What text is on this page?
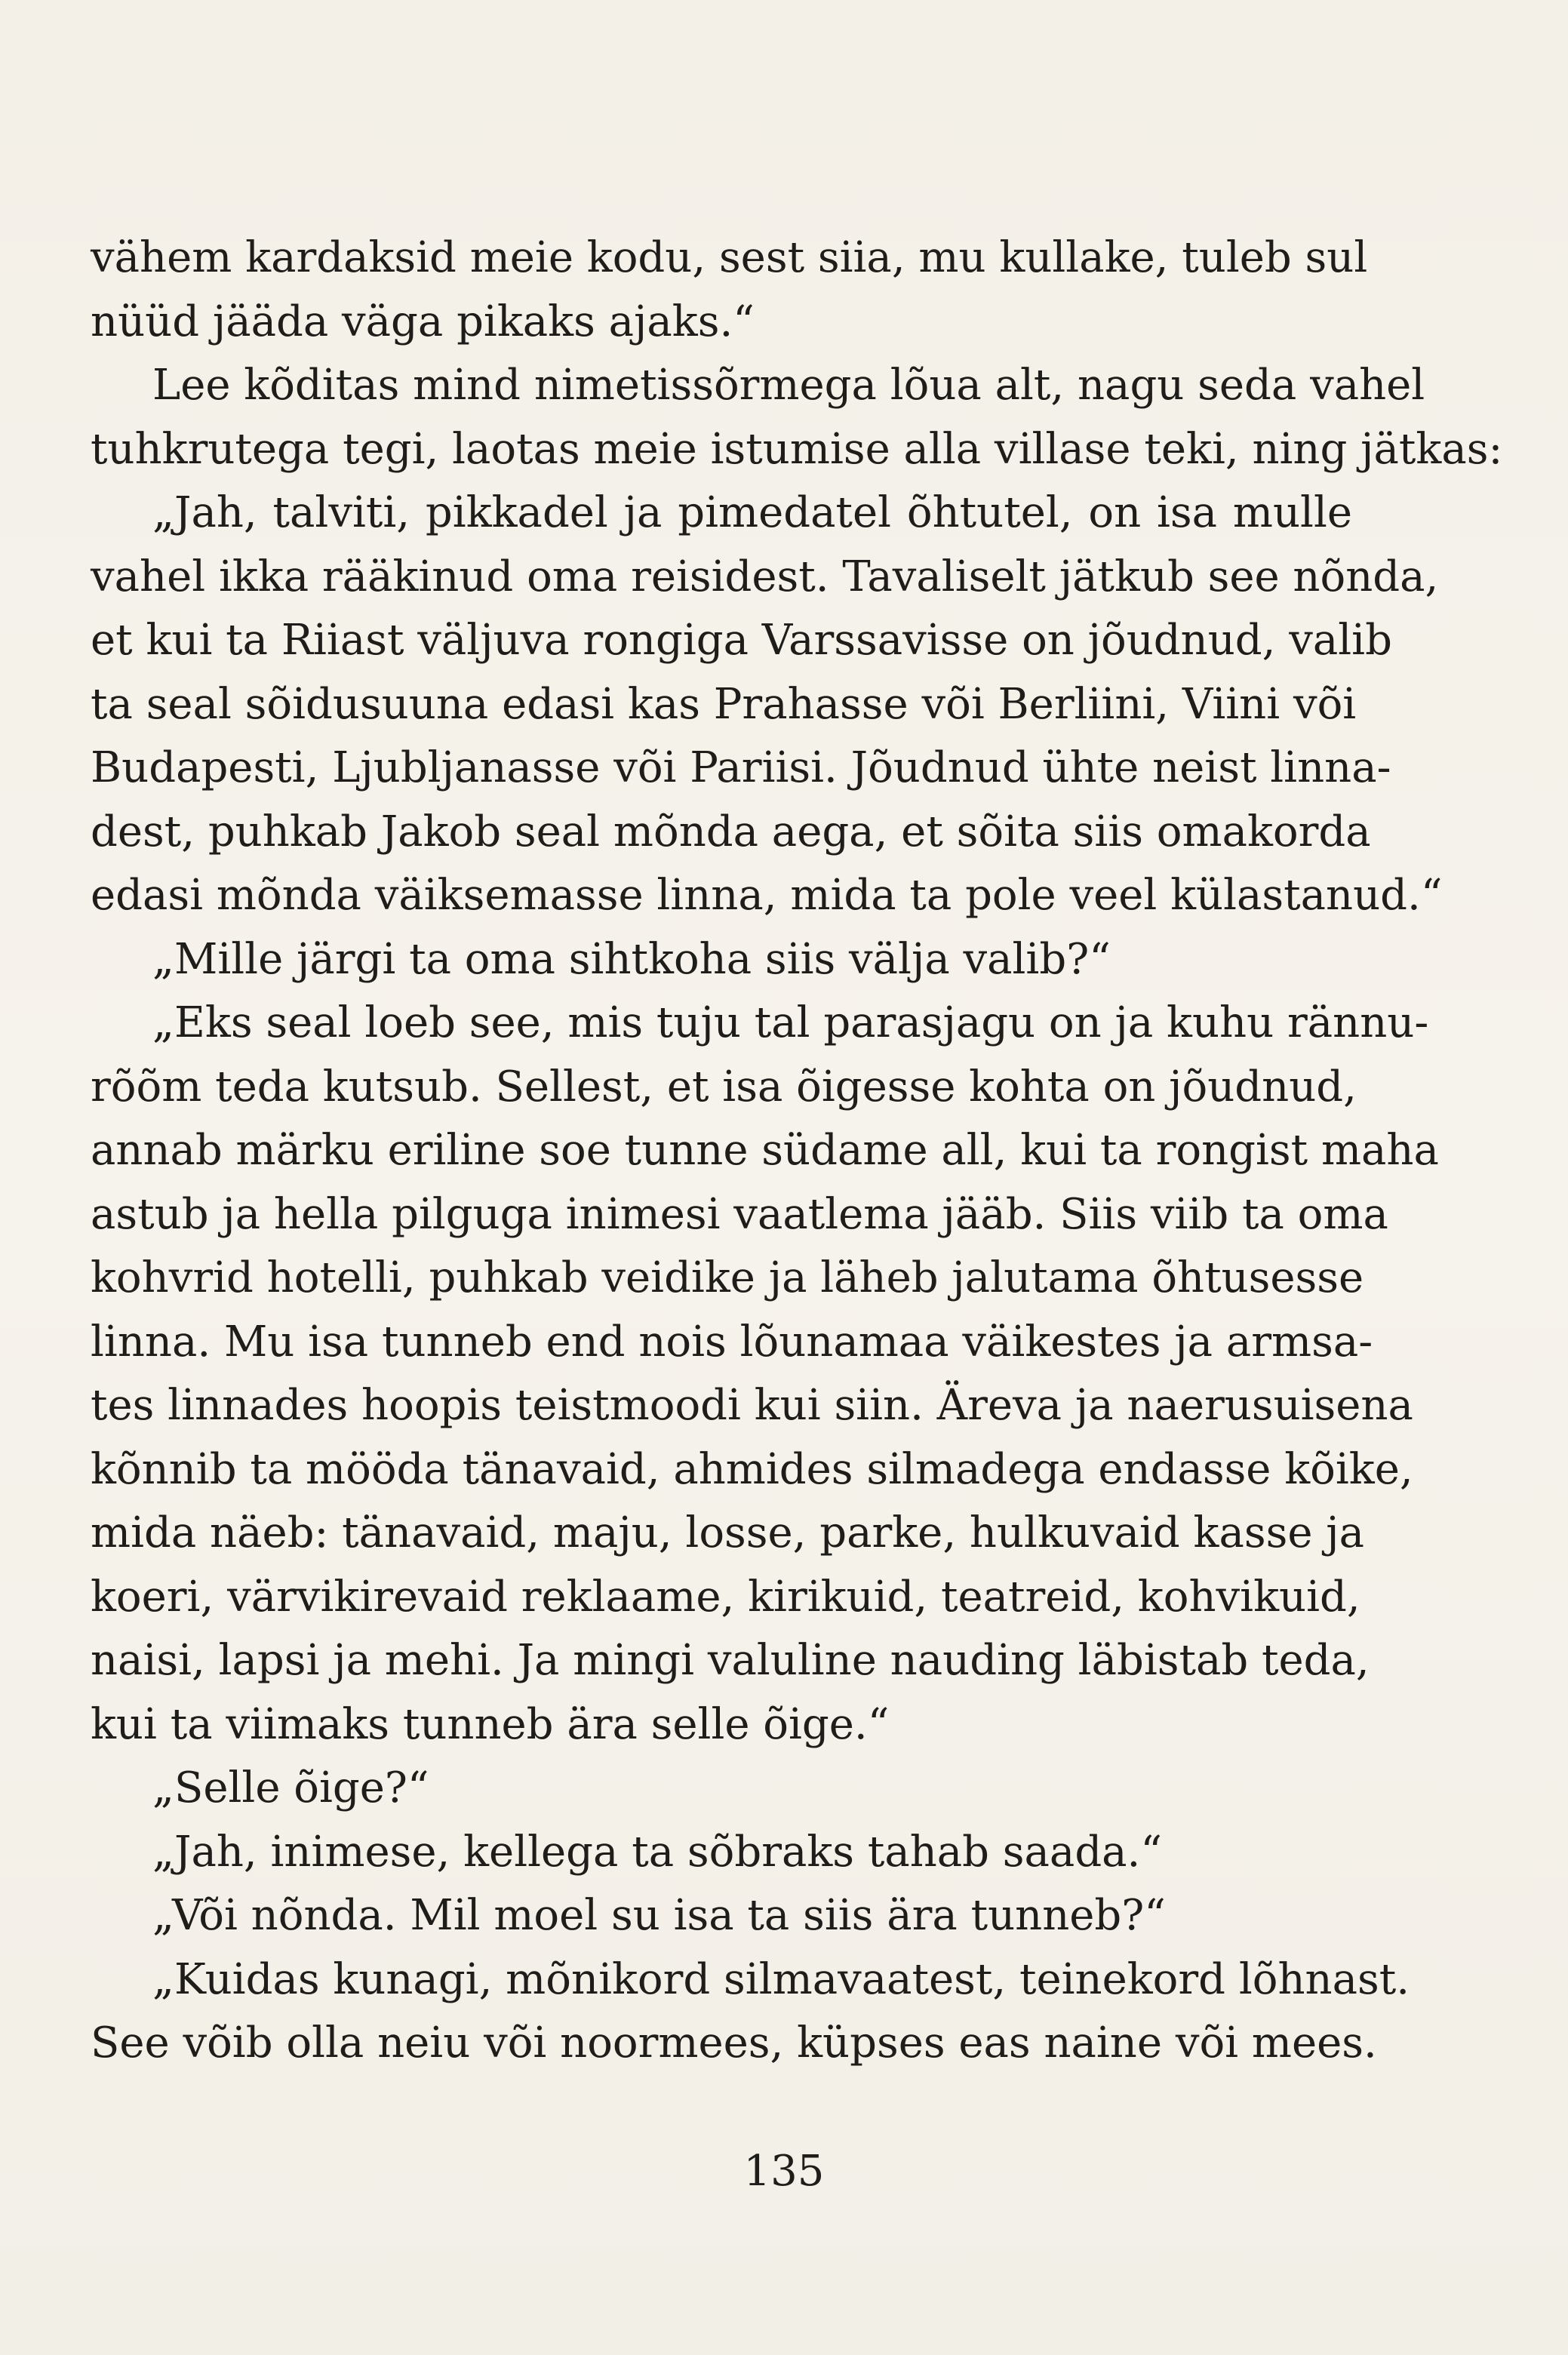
vähem kardaksid meie kodu, sest siia, mu kullake, tuleb sul
nüüd jääda väga pikaks ajaks.“
Lee kõditas mind nimetissõrmega lõua alt, nagu seda vahel
tuhkrutega tegi, laotas meie istumise alla villase teki, ning jätkas:
„Jah, talviti, pikkadel ja pimedatel õhtutel, on isa mulle
vahel ikka rääkinud oma reisidest. Tavaliselt jätkub see nõnda,
et kui ta Riiast väljuva rongiga Varssavisse on jõudnud, valib
ta seal sõidusuuna edasi kas Prahasse või Berliini, Viini või
Budapesti, Ljubljanasse või Pariisi. Jõudnud ühte neist linna-
dest, puhkab Jakob seal mõnda aega, et sõita siis omakorda
edasi mõnda väiksemasse linna, mida ta pole veel külastanud.“
„Mille järgi ta oma sihtkoha siis välja valib?“
„Eks seal loeb see, mis tuju tal parasjagu on ja kuhu rännu-
rõõm teda kutsub. Sellest, et isa õigesse kohta on jõudnud,
annab märku eriline soe tunne südame all, kui ta rongist maha
astub ja hella pilguga inimesi vaatlema jääb. Siis viib ta oma
kohvrid hotelli, puhkab veidike ja läheb jalutama õhtusesse
linna. Mu isa tunneb end nois lõunamaa väikestes ja armsa-
tes linnades hoopis teistmoodi kui siin. Äreva ja naerusuisena
kõnnib ta mööda tänavaid, ahmides silmadega endasse kõike,
mida näeb: tänavaid, maju, losse, parke, hulkuvaid kasse ja
koeri, värvikirevaid reklaame, kirikuid, teatreid, kohvikuid,
naisi, lapsi ja mehi. Ja mingi valuline nauding läbistab teda,
kui ta viimaks tunneb ära selle õige.“
„Selle õige?“
„Jah, inimese, kellega ta sõbraks tahab saada.“
„Või nõnda. Mil moel su isa ta siis ära tunneb?“
„Kuidas kunagi, mõnikord silmavaatest, teinekord lõhnast.
See võib olla neiu või noormees, küpses eas naine või mees.
135
